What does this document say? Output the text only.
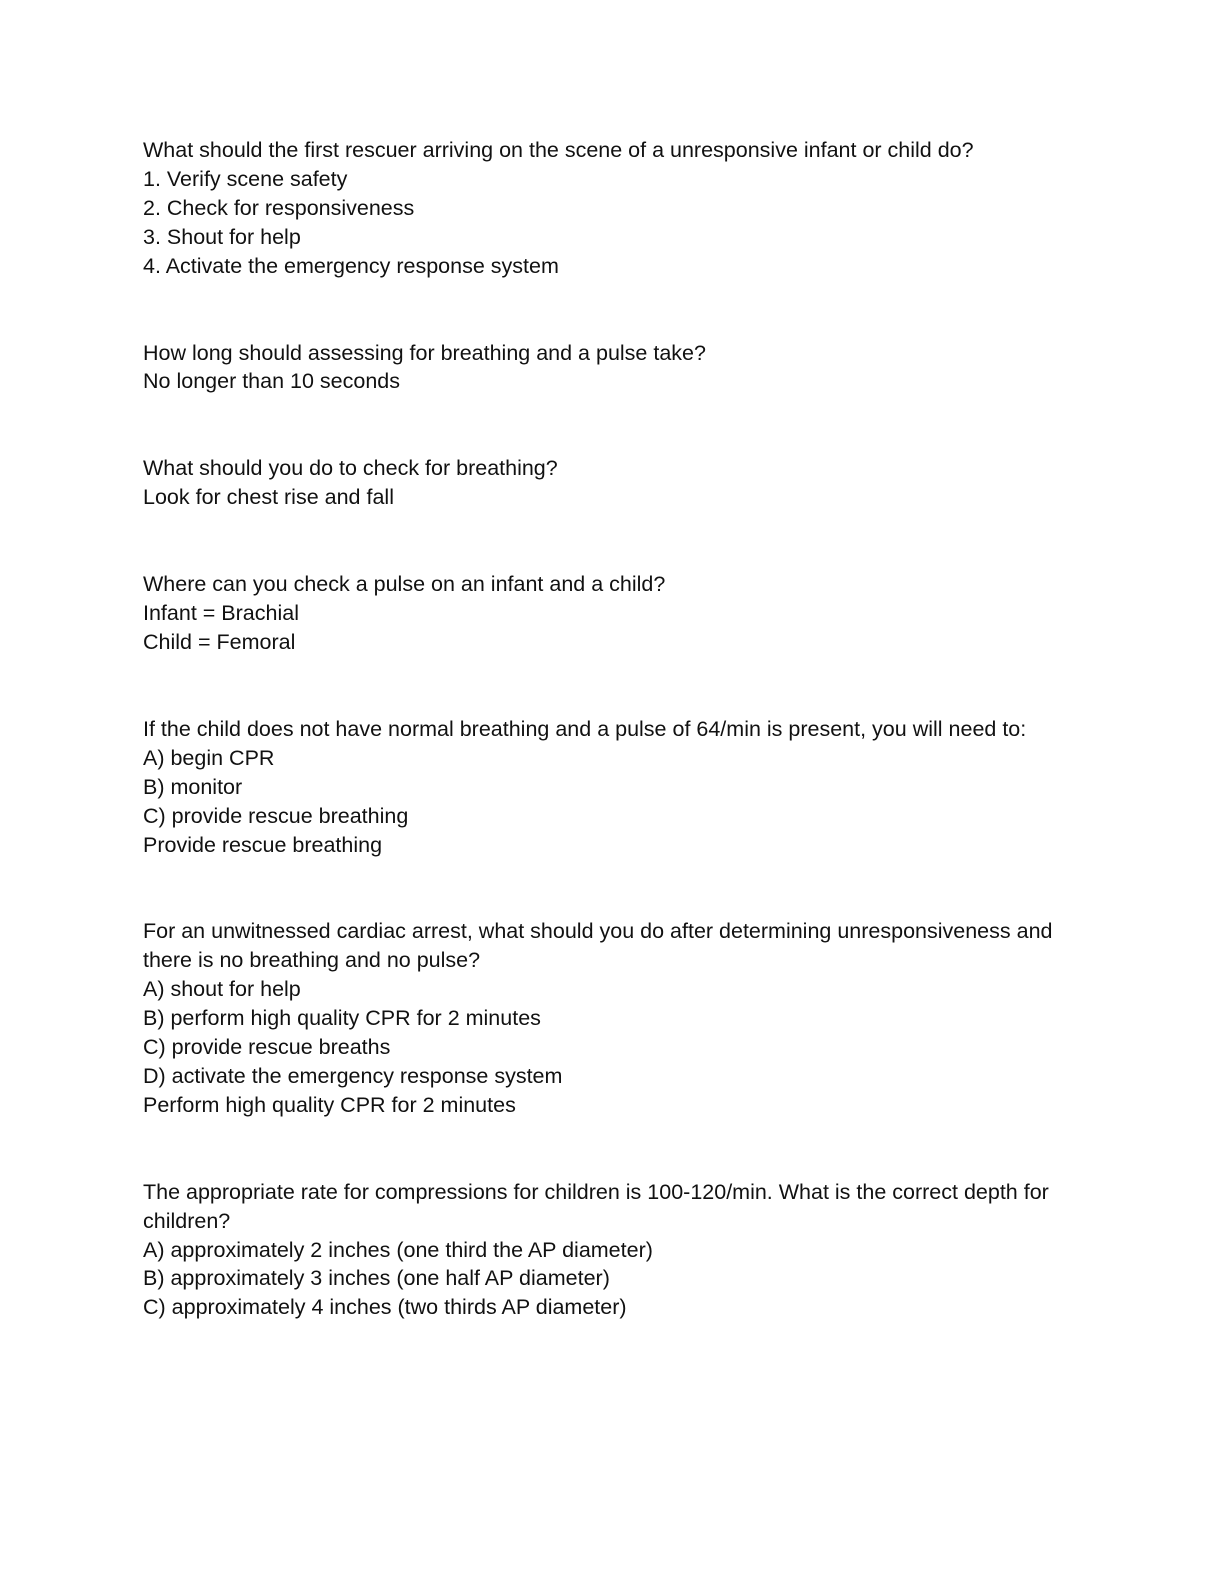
What should the first rescuer arriving on the scene of a unresponsive infant or child do?

1. Verify scene safety

2. Check for responsiveness

3. Shout for help

4. Activate the emergency response system

How long should assessing for breathing and a pulse take?

No longer than 10 seconds

What should you do to check for breathing?

Look for chest rise and fall

Where can you check a pulse on an infant and a child?

Infant = Brachial

Child = Femoral

If the child does not have normal breathing and a pulse of 64/min is present, you will need to:

A) begin CPR

B) monitor

C) provide rescue breathing

Provide rescue breathing

For an unwitnessed cardiac arrest, what should you do after determining unresponsiveness and there is no breathing and no pulse?

A) shout for help

B) perform high quality CPR for 2 minutes

C) provide rescue breaths

D) activate the emergency response system

Perform high quality CPR for 2 minutes

The appropriate rate for compressions for children is 100-120/min. What is the correct depth for children?

A) approximately 2 inches (one third the AP diameter)

B) approximately 3 inches (one half AP diameter)

C) approximately 4 inches (two thirds AP diameter)
